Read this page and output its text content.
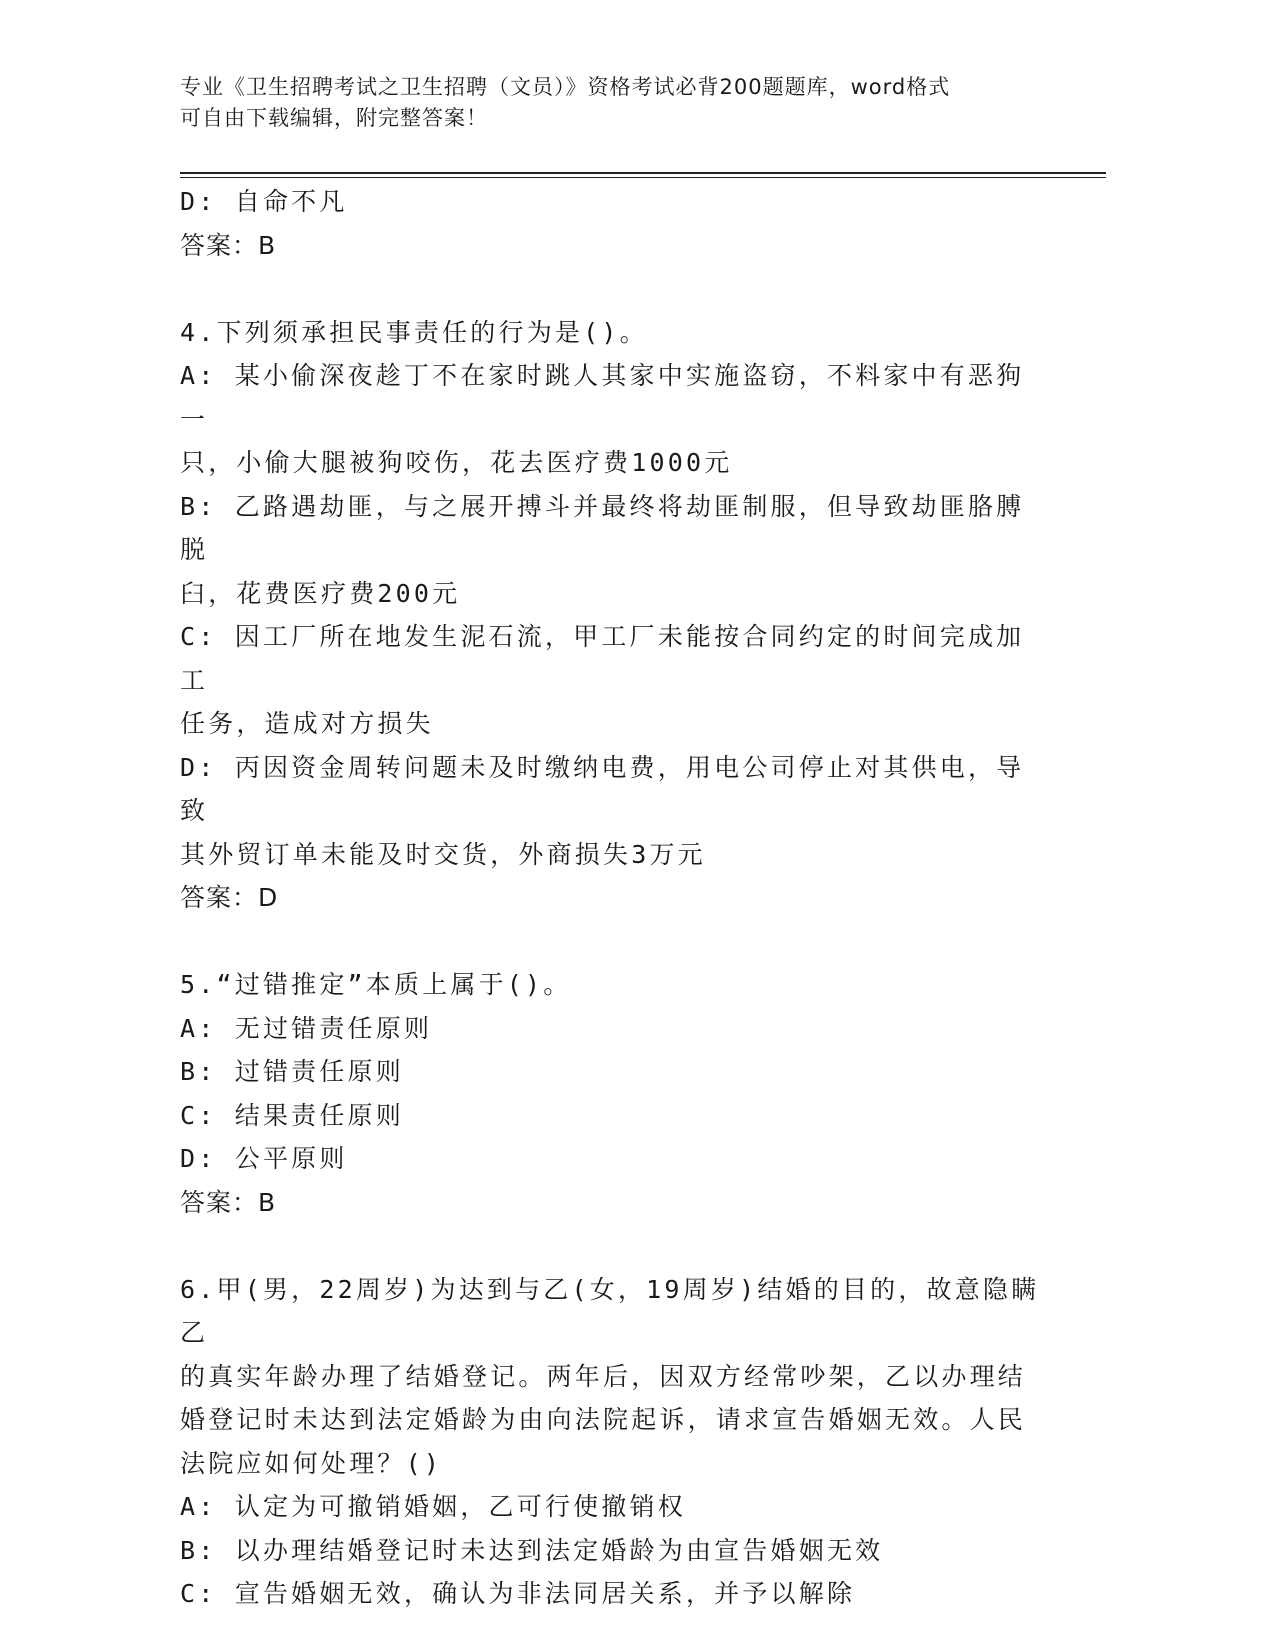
专业《卫生招聘考试之卫生招聘（文员）》资格考试必背200题题库，word格式
可自由下载编辑，附完整答案！

D: 自命不凡

答案：B

4.下列须承担民事责任的行为是()。

A: 某小偷深夜趁丁不在家时跳人其家中实施盗窃，不料家中有恶狗一

只，小偷大腿被狗咬伤，花去医疗费1000元

B: 乙路遇劫匪，与之展开搏斗并最终将劫匪制服，但导致劫匪胳膊脱

臼，花费医疗费200元

C: 因工厂所在地发生泥石流，甲工厂未能按合同约定的时间完成加工

任务，造成对方损失

D: 丙因资金周转问题未及时缴纳电费，用电公司停止对其供电，导致

其外贸订单未能及时交货，外商损失3万元

答案：D

5.“过错推定”本质上属于()。

A: 无过错责任原则

B: 过错责任原则

C: 结果责任原则

D: 公平原则

答案：B

6.甲(男，22周岁)为达到与乙(女，19周岁)结婚的目的，故意隐瞒乙

的真实年龄办理了结婚登记。两年后，因双方经常吵架，乙以办理结

婚登记时未达到法定婚龄为由向法院起诉，请求宣告婚姻无效。人民

法院应如何处理？()

A: 认定为可撤销婚姻，乙可行使撤销权

B: 以办理结婚登记时未达到法定婚龄为由宣告婚姻无效

C: 宣告婚姻无效，确认为非法同居关系，并予以解除
